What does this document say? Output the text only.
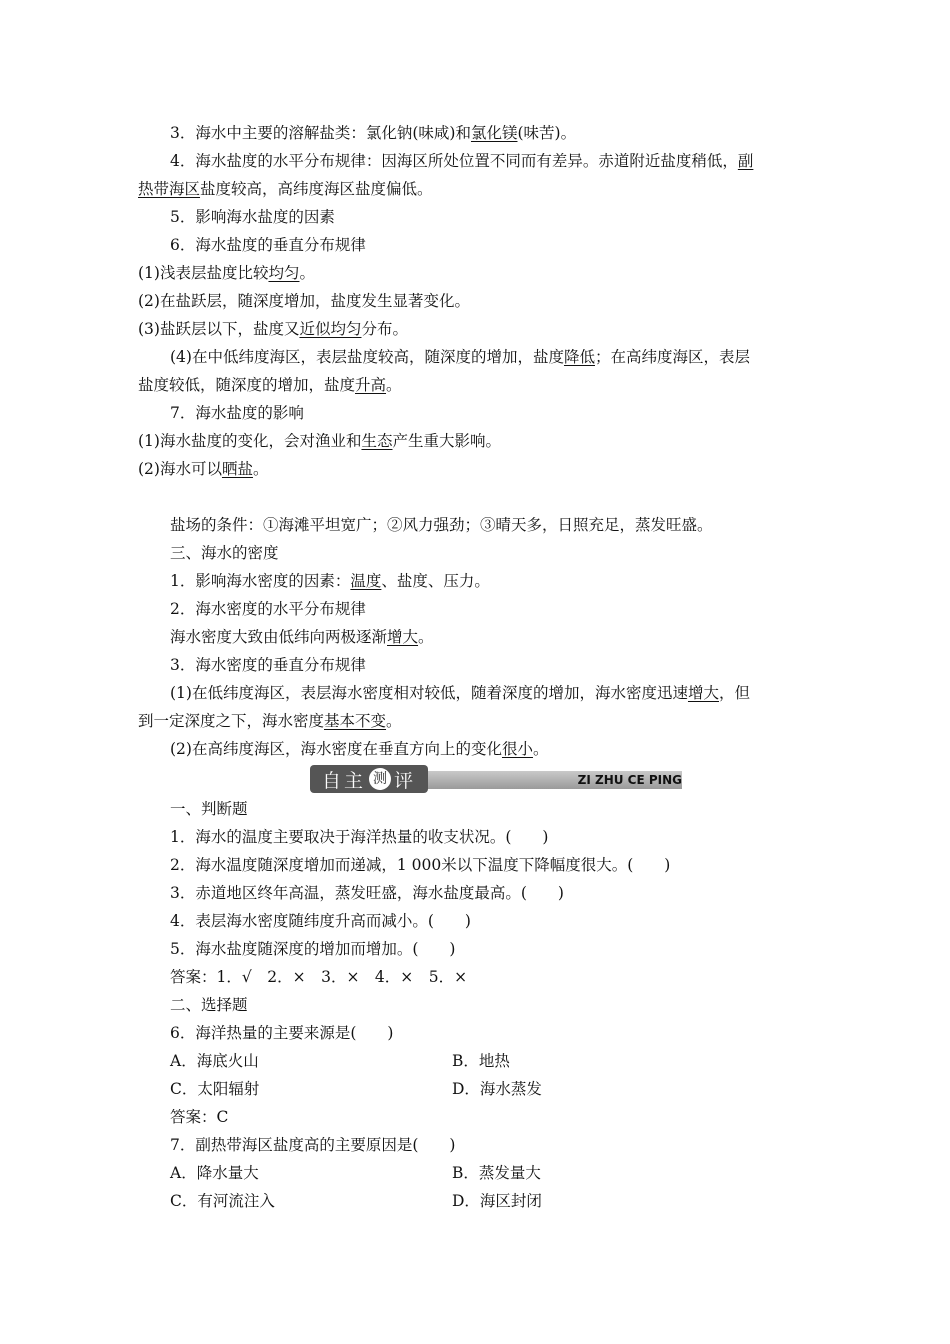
3．海水中主要的溶解盐类：氯化钠(味咸)和氯化镁(味苦)。
4．海水盐度的水平分布规律：因海区所处位置不同而有差异。赤道附近盐度稍低，副
热带海区盐度较高，高纬度海区盐度偏低。
5．影响海水盐度的因素
6．海水盐度的垂直分布规律
(1)浅表层盐度比较均匀。
(2)在盐跃层，随深度增加，盐度发生显著变化。
(3)盐跃层以下，盐度又近似均匀分布。
(4)在中低纬度海区，表层盐度较高，随深度的增加，盐度降低；在高纬度海区，表层
盐度较低，随深度的增加，盐度升高。
7．海水盐度的影响
(1)海水盐度的变化，会对渔业和生态产生重大影响。
(2)海水可以晒盐。
盐场的条件：①海滩平坦宽广；②风力强劲；③晴天多，日照充足，蒸发旺盛。
三、海水的密度
1．影响海水密度的因素：温度、盐度、压力。
2．海水密度的水平分布规律
海水密度大致由低纬向两极逐渐增大。
3．海水密度的垂直分布规律
(1)在低纬度海区，表层海水密度相对较低，随着深度的增加，海水密度迅速增大，但
到一定深度之下，海水密度基本不变。
(2)在高纬度海区，海水密度在垂直方向上的变化很小。
自主 测 评	ZI ZHU CE PING
一、判断题
1．海水的温度主要取决于海洋热量的收支状况。(　　)
2．海水温度随深度增加而递减，1 000米以下温度下降幅度很大。(　　)
3．赤道地区终年高温，蒸发旺盛，海水盐度最高。(　　)
4．表层海水密度随纬度升高而减小。(　　)
5．海水盐度随深度的增加而增加。(　　)
答案：1．√　2．×　3．×　4．×　5．×
二、选择题
6．海洋热量的主要来源是(　　)
A．海底火山	B．地热
C．太阳辐射	D．海水蒸发
答案：C
7．副热带海区盐度高的主要原因是(　　)
A．降水量大	B．蒸发量大
C．有河流注入	D．海区封闭
